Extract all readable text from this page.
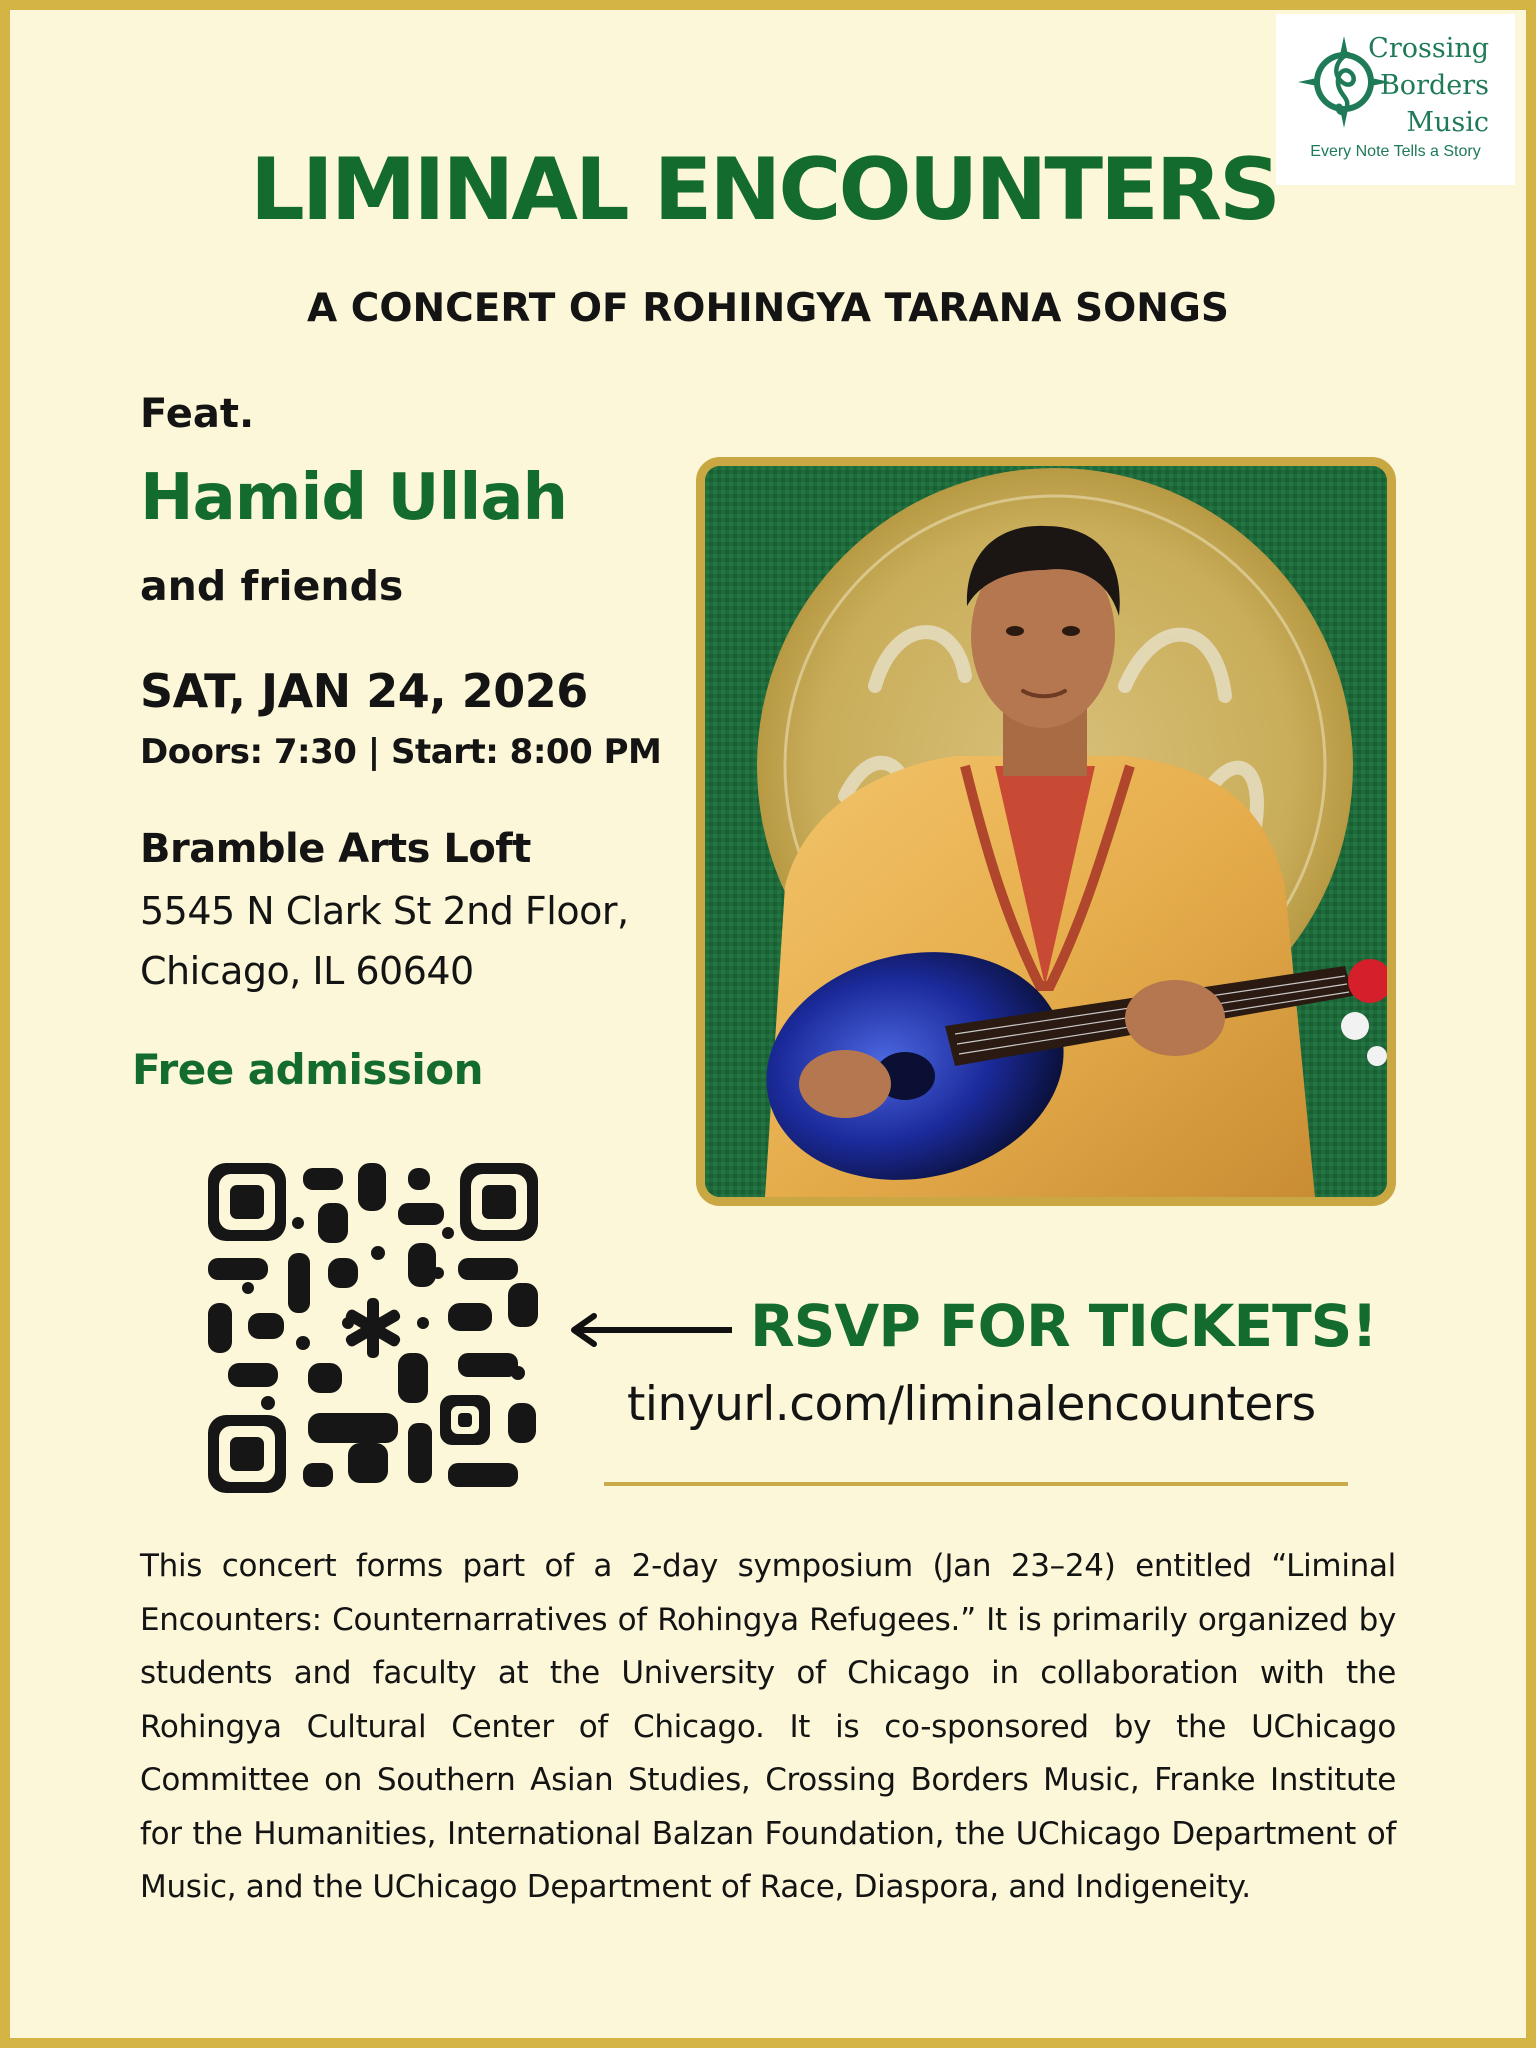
Crossing
Borders
Music
Every Note Tells a Story
LIMINAL ENCOUNTERS
A CONCERT OF ROHINGYA TARANA SONGS
Feat.
Hamid Ullah
and friends
SAT, JAN 24, 2026
Doors: 7:30 | Start: 8:00 PM
Bramble Arts Loft
5545 N Clark St 2nd Floor,
Chicago, IL 60640
Free admission
RSVP FOR TICKETS!
tinyurl.com/liminalencounters
This concert forms part of a 2-day symposium (Jan 23–24) entitled “Liminal Encounters: Counternarratives of Rohingya Refugees.” It is primarily organized by students and faculty at the University of Chicago in collaboration with the Rohingya Cultural Center of Chicago. It is co-sponsored by the UChicago Committee on Southern Asian Studies, Crossing Borders Music, Franke Institute for the Humanities, International Balzan Foundation, the UChicago Department of Music, and the UChicago Department of Race, Diaspora, and Indigeneity.
